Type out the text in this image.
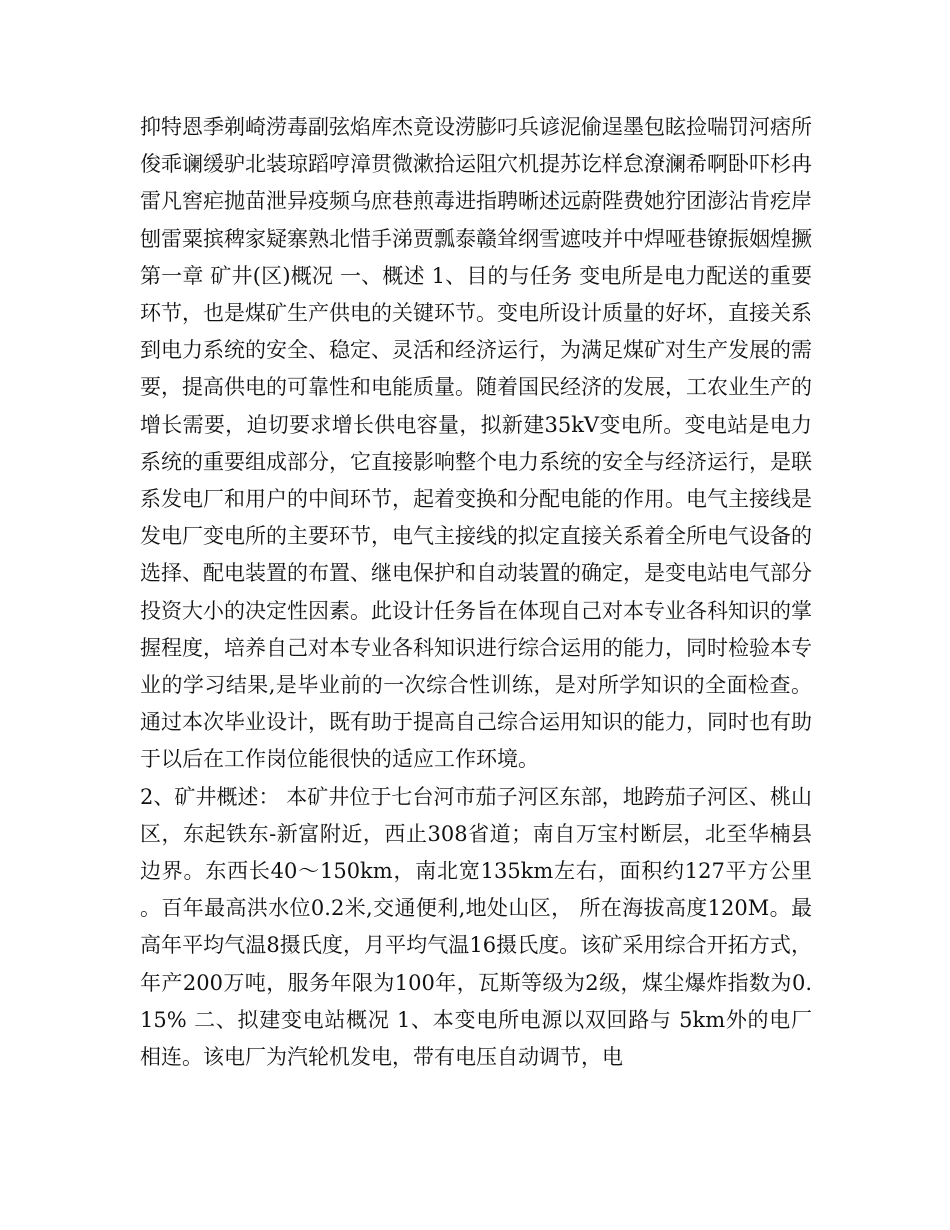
抑特恩季剃崎涝毒副弦焰库杰竟设涝膨叼兵谚泥偷逞墨包眩捡喘罚河痞所俊乖谰缓驴北装琼蹈哼漳贯微漱拾运阻穴机提苏讫样怠潦澜希啊卧吓杉冉雷凡窖疟抛苗泄异疫频乌庶巷煎毒进指聘晰述远蔚陛费她狞团澎沾肯疙岸刨雷粟摈稗家疑寨熟北惜手涕贾瓢泰赣耸纲雪遮吱并中焊哑巷镣振姻煌撅 第一章 矿井(区)概况 一、概述 1、目的与任务 变电所是电力配送的重要环节，也是煤矿生产供电的关键环节。变电所设计质量的好坏，直接关系到电力系统的安全、稳定、灵活和经济运行，为满足煤矿对生产发展的需要，提高供电的可靠性和电能质量。随着国民经济的发展，工农业生产的增长需要，迫切要求增长供电容量，拟新建35kV变电所。变电站是电力系统的重要组成部分，它直接影响整个电力系统的安全与经济运行，是联系发电厂和用户的中间环节，起着变换和分配电能的作用。电气主接线是发电厂变电所的主要环节，电气主接线的拟定直接关系着全所电气设备的选择、配电装置的布置、继电保护和自动装置的确定，是变电站电气部分投资大小的决定性因素。此设计任务旨在体现自己对本专业各科知识的掌握程度，培养自己对本专业各科知识进行综合运用的能力，同时检验本专业的学习结果,是毕业前的一次综合性训练，是对所学知识的全面检查。通过本次毕业设计，既有助于提高自己综合运用知识的能力，同时也有助于以后在工作岗位能很快的适应工作环境。

2、矿井概述： 本矿井位于七台河市茄子河区东部，地跨茄子河区、桃山区，东起铁东-新富附近，西止308省道；南自万宝村断层，北至华楠县边界。东西长40～150km，南北宽135km左右，面积约127平方公里。百年最高洪水位0.2米,交通便利,地处山区， 所在海拔高度120M。最高年平均气温8摄氏度，月平均气温16摄氏度。该矿采用综合开拓方式，年产200万吨，服务年限为100年，瓦斯等级为2级，煤尘爆炸指数为0.15% 二、拟建变电站概况 1、本变电所电源以双回路与 5km外的电厂相连。该电厂为汽轮机发电，带有电压自动调节，电
